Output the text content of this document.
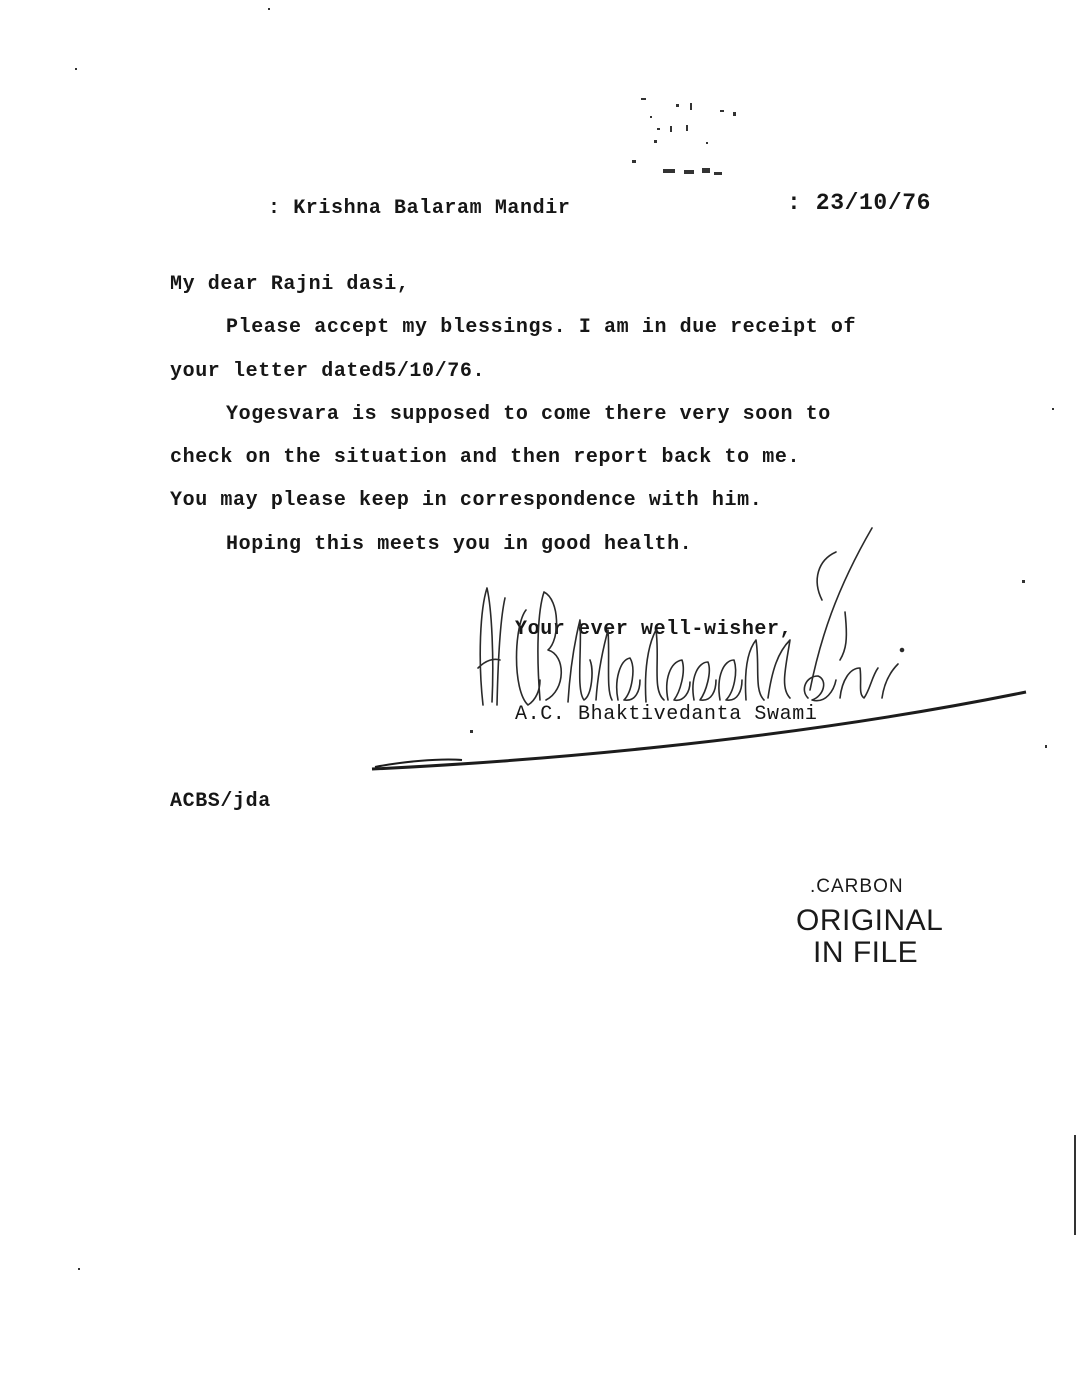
: Krishna Balaram Mandir	: 23/10/76
My dear Rajni dasi,
Please accept my blessings. I am in due receipt of
your letter dated5/10/76.
Yogesvara is supposed to come there very soon to
check on the situation and then report back to me.
You may please keep in correspondence with him.
Hoping this meets you in good health.
Your ever well-wisher,
A.C. Bhaktivedanta Swami
ACBS/jda
.CARBON
ORIGINAL
IN FILE
